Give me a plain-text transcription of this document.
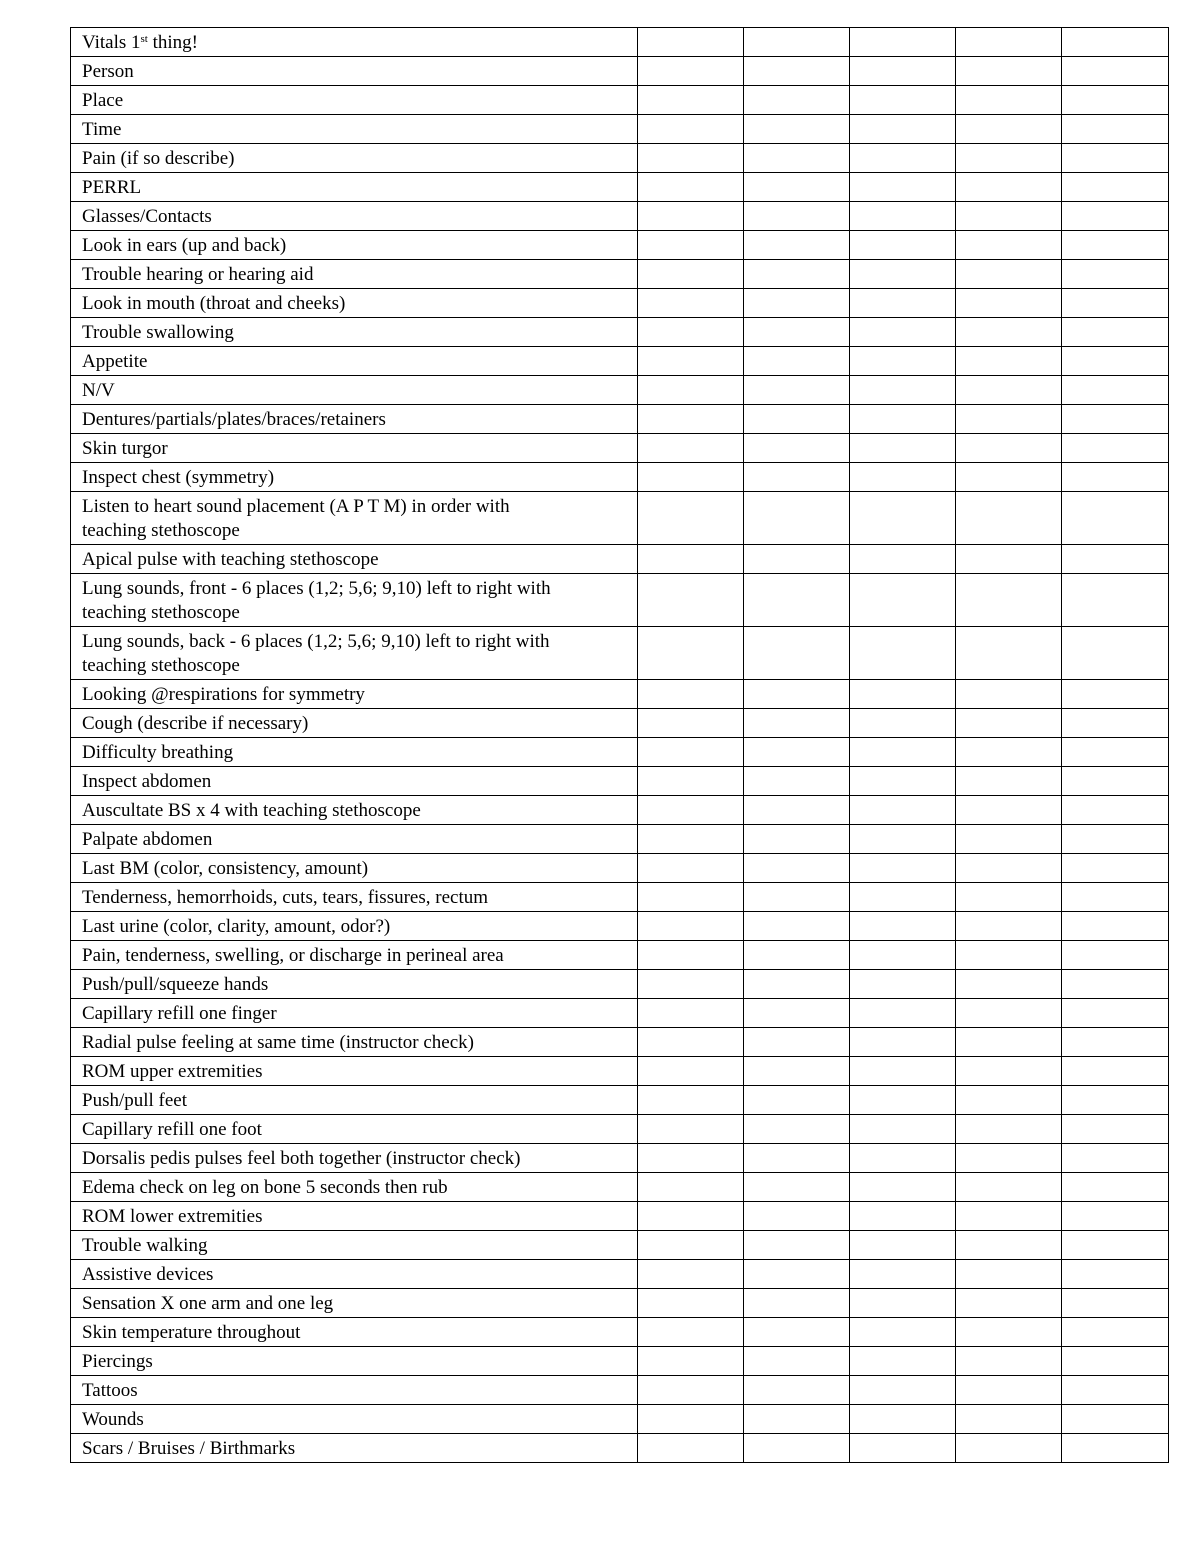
Vitals 1st thing!					
Person					
Place					
Time					
Pain (if so describe)					
PERRL					
Glasses/Contacts					
Look in ears (up and back)					
Trouble hearing or hearing aid					
Look in mouth (throat and cheeks)					
Trouble swallowing					
Appetite					
N/V					
Dentures/partials/plates/braces/retainers					
Skin turgor					
Inspect chest (symmetry)					
Listen to heart sound placement (A P T M) in order with
teaching stethoscope					

Apical pulse with teaching stethoscope					
Lung sounds, front - 6 places (1,2; 5,6; 9,10) left to right with
teaching stethoscope					

Lung sounds, back - 6 places (1,2; 5,6; 9,10) left to right with
teaching stethoscope					

Looking @respirations for symmetry					
Cough (describe if necessary)					
Difficulty breathing					
Inspect abdomen					
Auscultate BS x 4 with teaching stethoscope					
Palpate abdomen					
Last BM (color, consistency, amount)					
Tenderness, hemorrhoids, cuts, tears, fissures, rectum					
Last urine (color, clarity, amount, odor?)					
Pain, tenderness, swelling, or discharge in perineal area					
Push/pull/squeeze hands					
Capillary refill one finger					
Radial pulse feeling at same time (instructor check)					
ROM upper extremities					
Push/pull feet					
Capillary refill one foot					
Dorsalis pedis pulses feel both together (instructor check)					
Edema check on leg on bone 5 seconds then rub					
ROM lower extremities					
Trouble walking					
Assistive devices					
Sensation X one arm and one leg					
Skin temperature throughout					
Piercings					
Tattoos					
Wounds					
Scars / Bruises / Birthmarks					
